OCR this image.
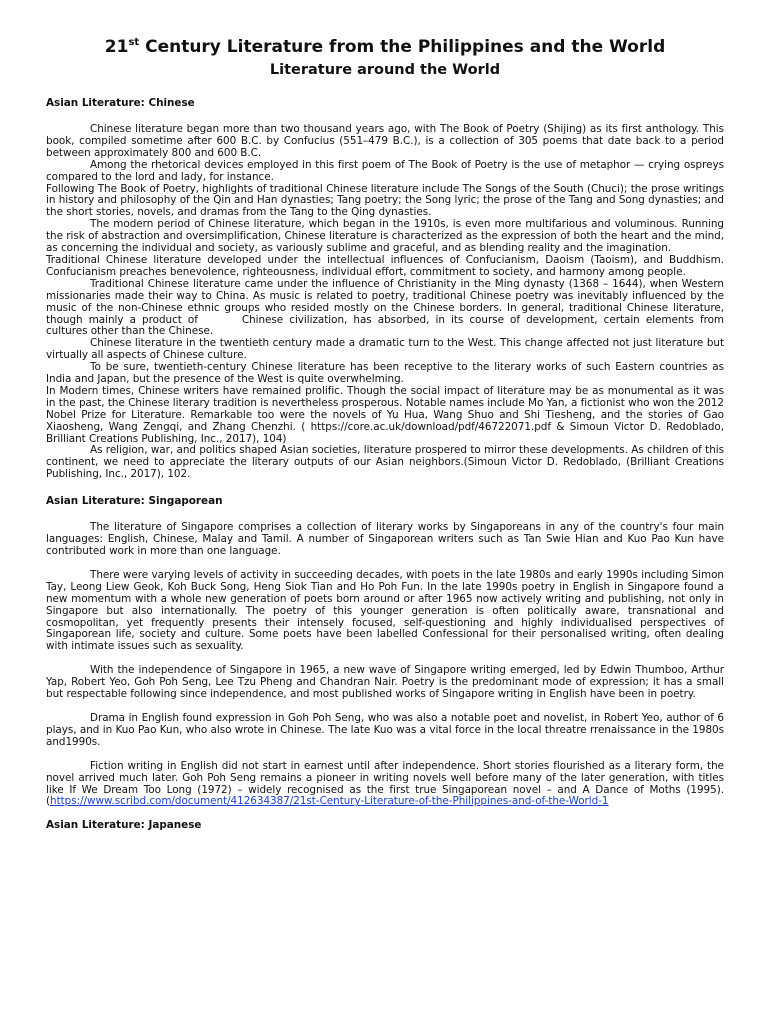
21st Century Literature from the Philippines and the World
Literature around the World
Asian Literature: Chinese

Chinese literature began more than two thousand years ago, with The Book of Poetry (Shijing) as its first anthology. This book, compiled sometime after 600 B.C. by Confucius (551–479 B.C.), is a collection of 305 poems that date back to a period between approximately 800 and 600 B.C.

Among the rhetorical devices employed in this first poem of The Book of Poetry is the use of metaphor — crying ospreys compared to the lord and lady, for instance.

Following The Book of Poetry, highlights of traditional Chinese literature include The Songs of the South (Chuci); the prose writings in history and philosophy of the Qin and Han dynasties; Tang poetry; the Song lyric; the prose of the Tang and Song dynasties; and the short stories, novels, and dramas from the Tang to the Qing dynasties.

The modern period of Chinese literature, which began in the 1910s, is even more multifarious and voluminous. Running the risk of abstraction and oversimplification, Chinese literature is characterized as the expression of both the heart and the mind, as concerning the individual and society, as variously sublime and graceful, and as blending reality and the imagination.

Traditional Chinese literature developed under the intellectual influences of Confucianism, Daoism (Taoism), and Buddhism. Confucianism preaches benevolence, righteousness, individual effort, commitment to society, and harmony among people.

Traditional Chinese literature came under the influence of Christianity in the Ming dynasty (1368 – 1644), when Western missionaries made their way to China. As music is related to poetry, traditional Chinese poetry was inevitably influenced by the music of the non-Chinese ethnic groups who resided mostly on the Chinese borders. In general, traditional Chinese literature, though mainly a product of	Chinese civilization, has absorbed, in its course of development, certain elements from cultures other than the Chinese.

Chinese literature in the twentieth century made a dramatic turn to the West. This change affected not just literature but virtually all aspects of Chinese culture.

To be sure, twentieth-century Chinese literature has been receptive to the literary works of such Eastern countries as India and Japan, but the presence of the West is quite overwhelming.

In Modern times, Chinese writers have remained prolific. Though the social impact of literature may be as monumental as it was in the past, the Chinese literary tradition is nevertheless prosperous. Notable names include Mo Yan, a fictionist who won the 2012 Nobel Prize for Literature. Remarkable too were the novels of Yu Hua, Wang Shuo and Shi Tiesheng, and the stories of Gao Xiaosheng, Wang Zengqi, and Zhang Chenzhi. ( https://core.ac.uk/download/pdf/46722071.pdf & Simoun Victor D. Redoblado, Brilliant Creations Publishing, Inc., 2017), 104)

As religion, war, and politics shaped Asian societies, literature prospered to mirror these developments. As children of this continent, we need to appreciate the literary outputs of our Asian neighbors.(Simoun Victor D. Redoblado, (Brilliant Creations Publishing, Inc., 2017), 102.

Asian Literature: Singaporean

The literature of Singapore comprises a collection of literary works by Singaporeans in any of the country's four main languages: English, Chinese, Malay and Tamil. A number of Singaporean writers such as Tan Swie Hian and Kuo Pao Kun have contributed work in more than one language.

There were varying levels of activity in succeeding decades, with poets in the late 1980s and early 1990s including Simon Tay, Leong Liew Geok, Koh Buck Song, Heng Siok Tian and Ho Poh Fun. In the late 1990s poetry in English in Singapore found a new momentum with a whole new generation of poets born around or after 1965 now actively writing and publishing, not only in Singapore but also internationally. The poetry of this younger generation is often politically aware, transnational and cosmopolitan, yet frequently presents their intensely focused, self-questioning and highly individualised perspectives of Singaporean life, society and culture. Some poets have been labelled Confessional for their personalised writing, often dealing with intimate issues such as sexuality.

With the independence of Singapore in 1965, a new wave of Singapore writing emerged, led by Edwin Thumboo, Arthur Yap, Robert Yeo, Goh Poh Seng, Lee Tzu Pheng and Chandran Nair. Poetry is the predominant mode of expression; it has a small but respectable following since independence, and most published works of Singapore writing in English have been in poetry.

Drama in English found expression in Goh Poh Seng, who was also a notable poet and novelist, in Robert Yeo, author of 6 plays, and in Kuo Pao Kun, who also wrote in Chinese. The late Kuo was a vital force in the local threatre rrenaissance in the 1980s and1990s.

Fiction writing in English did not start in earnest until after independence. Short stories flourished as a literary form, the novel arrived much later. Goh Poh Seng remains a pioneer in writing novels well before many of the later generation, with titles like If We Dream Too Long (1972) – widely recognised as the first true Singaporean novel – and A Dance of Moths (1995). (https://www.scribd.com/document/412634387/21st-Century-Literature-of-the-Philippines-and-of-the-World-1

Asian Literature: Japanese
